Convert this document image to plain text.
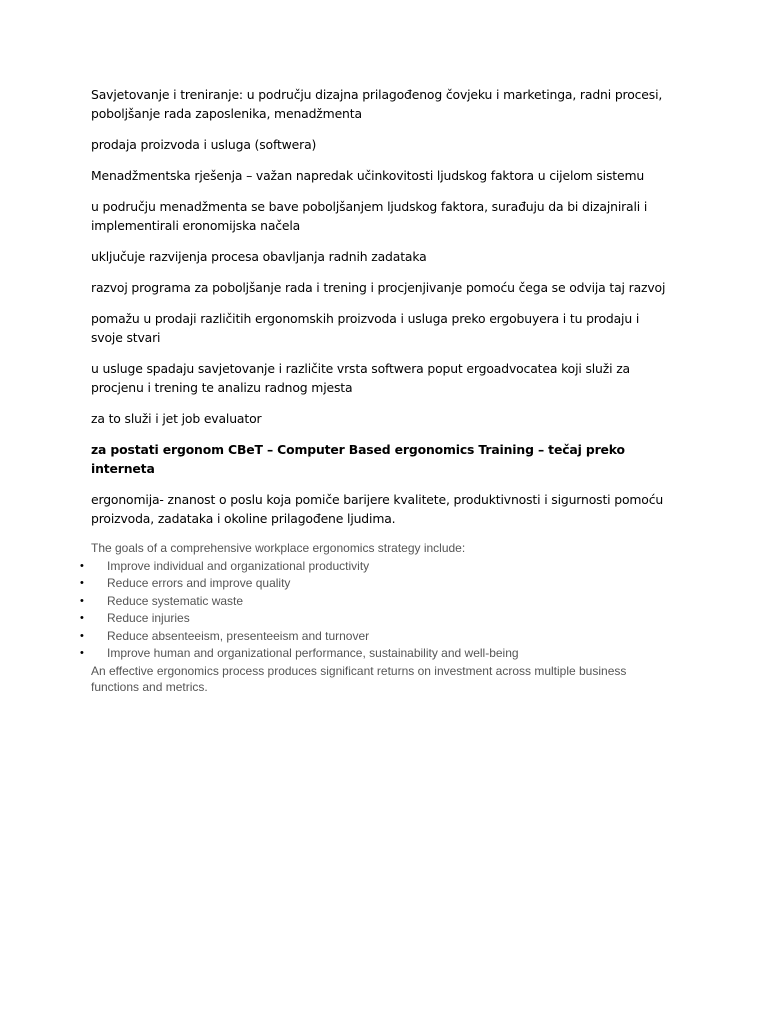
Savjetovanje i treniranje: u području dizajna prilagođenog čovjeku i marketinga, radni procesi, poboljšanje rada zaposlenika, menadžmenta

prodaja proizvoda i usluga (softwera)

Menadžmentska rješenja – važan napredak učinkovitosti ljudskog faktora u cijelom sistemu

u području menadžmenta se bave poboljšanjem ljudskog faktora, surađuju da bi dizajnirali i implementirali eronomijska načela

uključuje razvijenja procesa obavljanja radnih zadataka

razvoj programa za poboljšanje rada i trening i procjenjivanje pomoću čega se odvija taj razvoj

pomažu u prodaji različitih ergonomskih proizvoda i usluga preko ergobuyera i tu prodaju i svoje stvari

u usluge spadaju savjetovanje i različite vrsta softwera poput ergoadvocatea koji služi za procjenu i trening te analizu radnog mjesta

za to služi i jet job evaluator

za postati ergonom CBeT – Computer Based ergonomics Training – tečaj preko interneta

ergonomija- znanost o poslu koja pomiče barijere kvalitete, produktivnosti i sigurnosti pomoću proizvoda, zadataka i okoline prilagođene ljudima.

The goals of a comprehensive workplace ergonomics strategy include:

• Improve individual and organizational productivity
• Reduce errors and improve quality
• Reduce systematic waste
• Reduce injuries
• Reduce absenteeism, presenteeism and turnover
• Improve human and organizational performance, sustainability and well-being

An effective ergonomics process produces significant returns on investment across multiple business functions and metrics.
